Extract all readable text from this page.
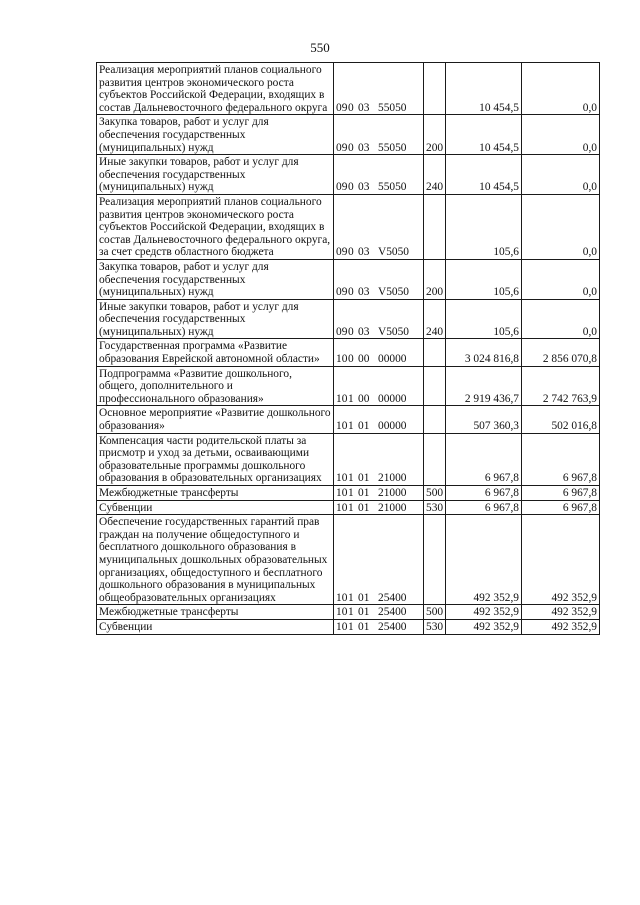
550
Реализация мероприятий планов социального развития центров экономического роста субъектов Российской Федерации, входящих в состав Дальневосточного федерального округа	090 03 55050		10 454,5	0,0
Закупка товаров, работ и услуг для обеспечения государственных (муниципальных) нужд	090 03 55050	200	10 454,5	0,0
Иные закупки товаров, работ и услуг для обеспечения государственных (муниципальных) нужд	090 03 55050	240	10 454,5	0,0
Реализация мероприятий планов социального развития центров экономического роста субъектов Российской Федерации, входящих в состав Дальневосточного федерального округа, за счет средств областного бюджета	090 03 V5050		105,6	0,0
Закупка товаров, работ и услуг для обеспечения государственных (муниципальных) нужд	090 03 V5050	200	105,6	0,0
Иные закупки товаров, работ и услуг для обеспечения государственных (муниципальных) нужд	090 03 V5050	240	105,6	0,0
Государственная программа «Развитие образования Еврейской автономной области»	100 00 00000		3 024 816,8	2 856 070,8
Подпрограмма «Развитие дошкольного, общего, дополнительного и профессионального образования»	101 00 00000		2 919 436,7	2 742 763,9
Основное мероприятие «Развитие дошкольного образования»	101 01 00000		507 360,3	502 016,8
Компенсация части родительской платы за присмотр и уход за детьми, осваивающими образовательные программы дошкольного образования в образовательных организациях	101 01 21000		6 967,8	6 967,8
Межбюджетные трансферты	101 01 21000	500	6 967,8	6 967,8
Субвенции	101 01 21000	530	6 967,8	6 967,8
Обеспечение государственных гарантий прав граждан на получение общедоступного и бесплатного дошкольного образования в муниципальных дошкольных образовательных организациях, общедоступного и бесплатного дошкольного образования в муниципальных общеобразовательных организациях	101 01 25400		492 352,9	492 352,9
Межбюджетные трансферты	101 01 25400	500	492 352,9	492 352,9
Субвенции	101 01 25400	530	492 352,9	492 352,9
